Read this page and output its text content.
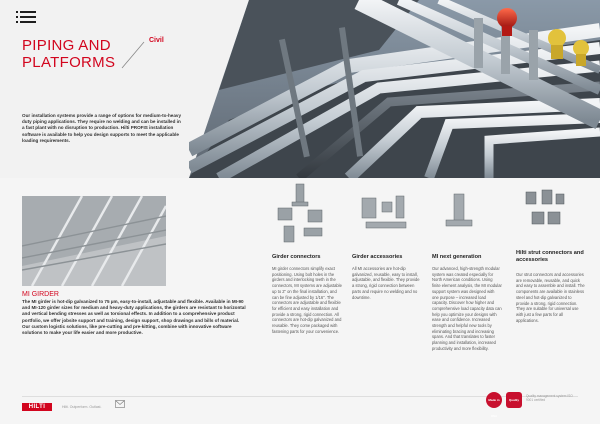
PIPING AND
PLATFORMS
Civil

Our installation systems provide a range of options for medium-to-heavy duty piping applications. They require no welding and can be installed in a fast plant with no disruption to production. Hilti PROFIS installation software is available to help you design supports to meet the applicable loading requirements.

MI GIRDER

The MI girder is hot-dip galvanized to 75 µm, easy-to-install, adjustable and flexible. Available in MI-90 and MI-120 girder sizes for medium and heavy-duty applications, the girders are resistant to horizontal and vertical bending stresses as well as torsional effects. In addition to a comprehensive product portfolio, we offer jobsite support and training, design support, shop drawings and bills of material. Our custom logistic solutions, like pre-cutting and pre-kitting, combine with innovative software solutions to make your life easier and more productive.

Girder connectors	Girder accessories	MI next generation
Hilti strut connectors and accessories

MI girder connectors simplify exact positioning. Using bolt holes in the girders and interlocking teeth in the connectors, MI systems are adjustable up to 2" on the final installation, and can be fine adjusted by 1/16". The connectors are adjustable and flexible for efficient and easy installation and provide a strong, rigid connection. All connectors are hot-dip galvanized and reusable. They come packaged with fastening parts for your convenience.

All MI accessories are hot-dip galvanized, reusable, easy to install, adjustable, and flexible. They provide a strong, rigid connection between parts and require no welding and no downtime.

Our advanced, high-strength modular system was created especially for North American conditions. Using finite element analysis, the MI modular support system was designed with one purpose – increased load capacity. Discover how higher and comprehensive load capacity data can help you optimize your designs with ease and confidence. Increased strength and helpful new tools by eliminating bracing and increasing spans. And that translates to faster planning and installation, increased productivity and more flexibility.

Our strut connectors and accessories are removable, reusable, and quick and easy to assemble and install. The components are available in stainless steel and hot-dip galvanized to provide a strong, rigid connection. They are suitable for universal use with just a few parts for all applications.

HILTI	Hilti. Outperform. Outlast.
Made in USA
Quality
Quality management system ISO 9001 certified
